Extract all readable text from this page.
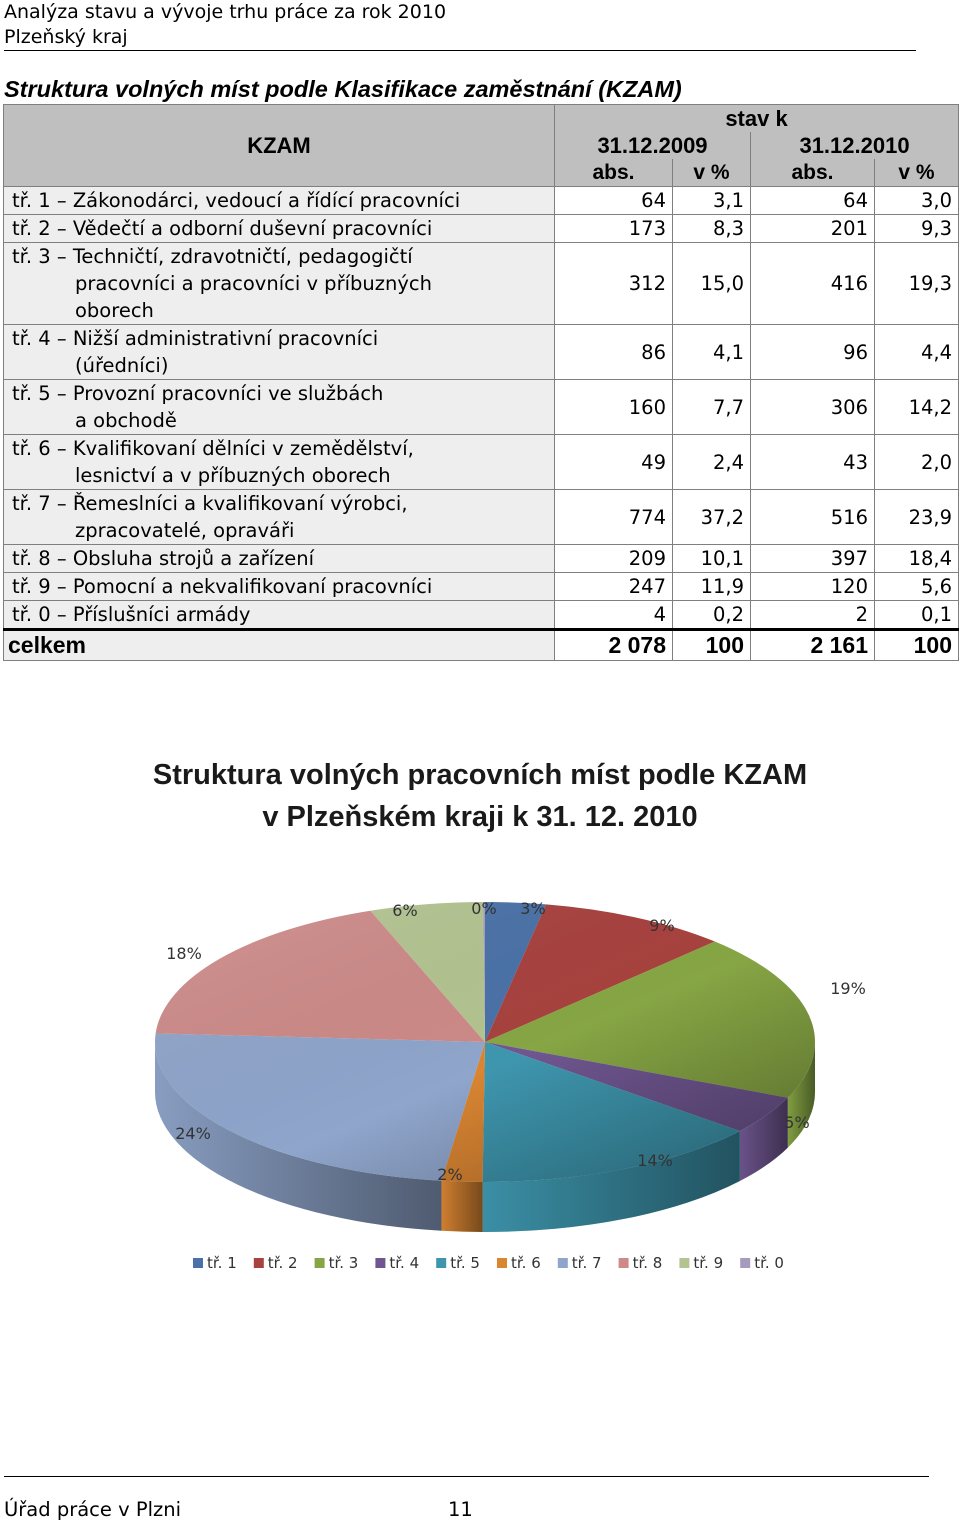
Analýza stavu a vývoje trhu práce za rok 2010
Plzeňský kraj
Struktura volných míst podle Klasifikace zaměstnání (KZAM)
KZAM	stav k			
	31.12.2009		31.12.2010	
	abs.	v %	abs.	v %

tř. 1 – Zákonodárci, vedoucí a řídící pracovníci	64	3,1	64	3,0

tř. 2 – Vědečtí a odborní duševní pracovníci	173	8,3	201	9,3

tř. 3 – Techničtí, zdravotničtí, pedagogičtí
pracovníci a pracovníci v příbuzných
oborech	312	15,0	416	19,3

tř. 4 – Nižší administrativní pracovníci
(úředníci)	86	4,1	96	4,4

tř. 5 – Provozní pracovníci ve službách
a obchodě	160	7,7	306	14,2

tř. 6 – Kvalifikovaní dělníci v zemědělství,
lesnictví a v příbuzných oborech	49	2,4	43	2,0

tř. 7 – Řemeslníci a kvalifikovaní výrobci,
zpracovatelé, opraváři	774	37,2	516	23,9

tř. 8 – Obsluha strojů a zařízení	209	10,1	397	18,4

tř. 9 – Pomocní a nekvalifikovaní pracovníci	247	11,9	120	5,6

tř. 0 – Příslušníci armády	4	0,2	2	0,1
celkem	2 078	100	2 161	100
3%
9%
19%
5%
14%
2%
24%
18%
6%	0%
tř. 1 tř. 2 tř. 3 tř. 4 tř. 5 tř. 6 tř. 7 tř. 8 tř. 9 tř. 0
Struktura volných pracovních míst podle KZAM
v Plzeňském kraji k 31. 12. 2010
Úřad práce v Plzni	11
